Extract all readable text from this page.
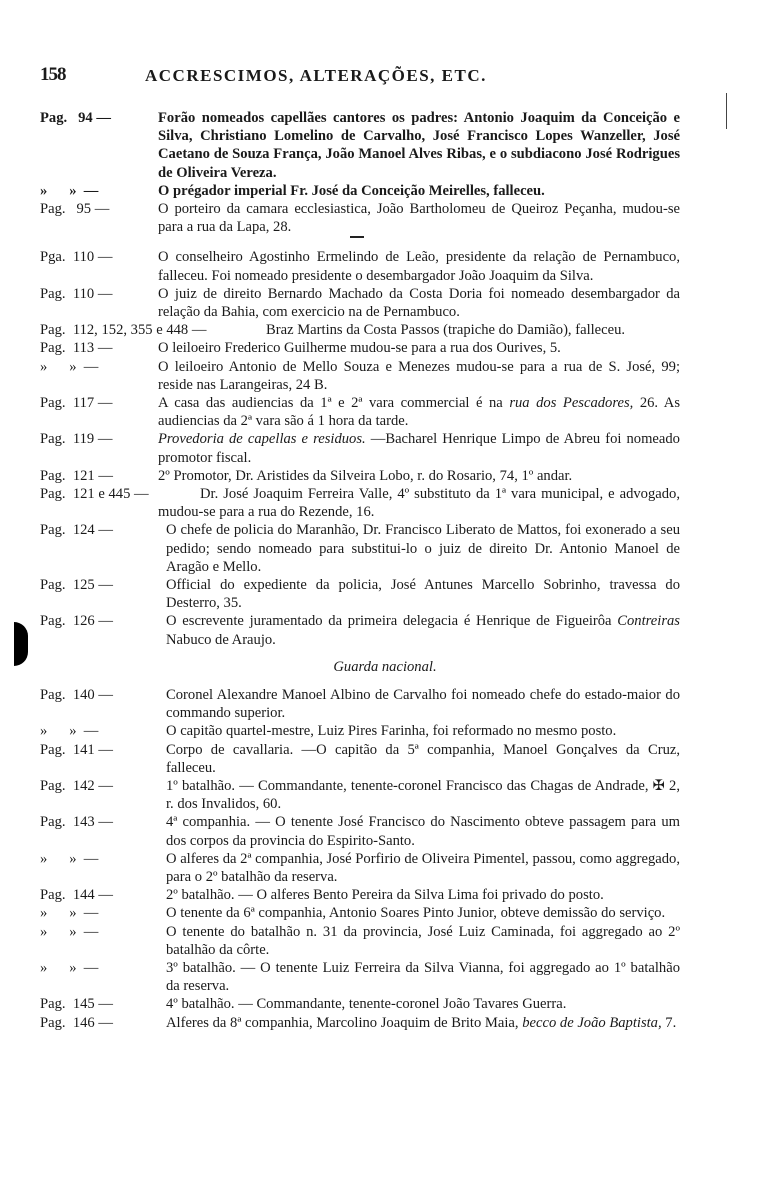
158	ACCRESCIMOS, ALTERAÇÕES, ETC.
Pag.   94 —	Forão nomeados capellães cantores os padres: Antonio Joaquim da Conceição e Silva, Christiano Lomelino de Carvalho, José Francisco Lopes Wanzeller, José Caetano de Souza França, João Manoel Alves Ribas, e o subdiacono José Rodrigues de Oliveira Vereza.
»      »  —	O prégador imperial Fr. José da Conceição Meirelles, falleceu.
Pag.   95 —	O porteiro da camara ecclesiastica, João Bartholomeu de Queiroz Peçanha, mudou-se para a rua da Lapa, 28.
Pga.  110 —	O conselheiro Agostinho Ermelindo de Leão, presidente da relação de Pernambuco, falleceu. Foi nomeado presidente o desembargador João Joaquim da Silva.
Pag.  110 —	O juiz de direito Bernardo Machado da Costa Doria foi nomeado desembargador da relação da Bahia, com exercicio na de Pernambuco.
Pag.  112, 152, 355 e 448 —	Braz Martins da Costa Passos (trapiche do Damião), falleceu.
Pag.  113 —	O leiloeiro Frederico Guilherme mudou-se para a rua dos Ourives, 5.
»      »  —	O leiloeiro Antonio de Mello Souza e Menezes mudou-se para a rua de S. José, 99; reside nas Larangeiras, 24 B.
Pag.  117 —	A casa das audiencias da 1ª e 2ª vara commercial é na rua dos Pescadores, 26. As audiencias da 2ª vara são á 1 hora da tarde.
Pag.  119 —	Provedoria de capellas e residuos. —Bacharel Henrique Limpo de Abreu foi nomeado promotor fiscal.
Pag.  121 —	2º Promotor, Dr. Aristides da Silveira Lobo, r. do Rosario, 74, 1º andar.
Pag.  121 e 445 —	Dr. José Joaquim Ferreira Valle, 4º substituto da 1ª vara municipal, e advogado, mudou-se para a rua do Rezende, 16.
Pag.  124 —	O chefe de policia do Maranhão, Dr. Francisco Liberato de Mattos, foi exonerado a seu pedido; sendo nomeado para substitui-lo o juiz de direito Dr. Antonio Manoel de Aragão e Mello.
Pag.  125 —	Official do expediente da policia, José Antunes Marcello Sobrinho, travessa do Desterro, 35.
Pag.  126 —	O escrevente juramentado da primeira delegacia é Henrique de Figueirôa Contreiras Nabuco de Araujo.
Guarda nacional.
Pag.  140 —	Coronel Alexandre Manoel Albino de Carvalho foi nomeado chefe do estado-maior do commando superior.
»      »  —	O capitão quartel-mestre, Luiz Pires Farinha, foi reformado no mesmo posto.
Pag.  141 —	Corpo de cavallaria. —O capitão da 5ª companhia, Manoel Gonçalves da Cruz, falleceu.
Pag.  142 —	1º batalhão. — Commandante, tenente-coronel Francisco das Chagas de Andrade, ✠ 2, r. dos Invalidos, 60.
Pag.  143 —	4ª companhia. — O tenente José Francisco do Nascimento obteve passagem para um dos corpos da provincia do Espirito-Santo.
»      »  —	O alferes da 2ª companhia, José Porfirio de Oliveira Pimentel, passou, como aggregado, para o 2º batalhão da reserva.
Pag.  144 —	2º batalhão. — O alferes Bento Pereira da Silva Lima foi privado do posto.
»      »  —	O tenente da 6ª companhia, Antonio Soares Pinto Junior, obteve demissão do serviço.
»      »  —	O tenente do batalhão n. 31 da provincia, José Luiz Caminada, foi aggregado ao 2º batalhão da côrte.
»      »  —	3º batalhão. — O tenente Luiz Ferreira da Silva Vianna, foi aggregado ao 1º batalhão da reserva.
Pag.  145 —	4º batalhão. — Commandante, tenente-coronel João Tavares Guerra.
Pag.  146 —	Alferes da 8ª companhia, Marcolino Joaquim de Brito Maia, becco de João Baptista, 7.
